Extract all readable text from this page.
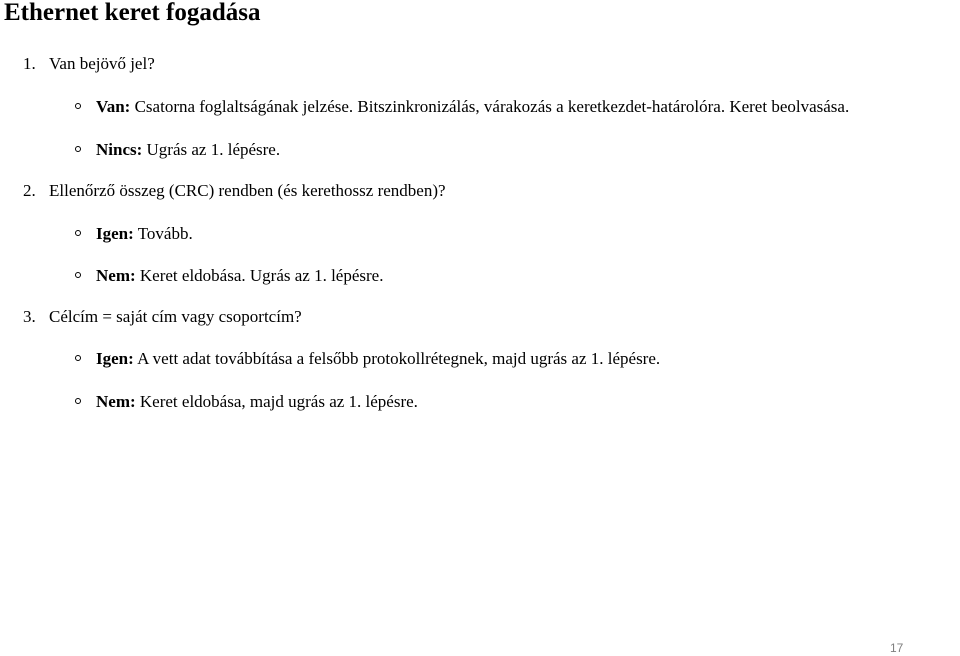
Ethernet keret fogadása
1. Van bejövő jel?
Van: Csatorna foglaltságának jelzése. Bitszinkronizálás, várakozás a keretkezdet-határolóra. Keret beolvasása.
Nincs: Ugrás az 1. lépésre.
2. Ellenőrző összeg (CRC) rendben (és kerethossz rendben)?
Igen: Tovább.
Nem: Keret eldobása. Ugrás az 1. lépésre.
3. Célcím = saját cím vagy csoportcím?
Igen: A vett adat továbbítása a felsőbb protokollrétegnek, majd ugrás az 1. lépésre.
Nem: Keret eldobása, majd ugrás az 1. lépésre.
17
